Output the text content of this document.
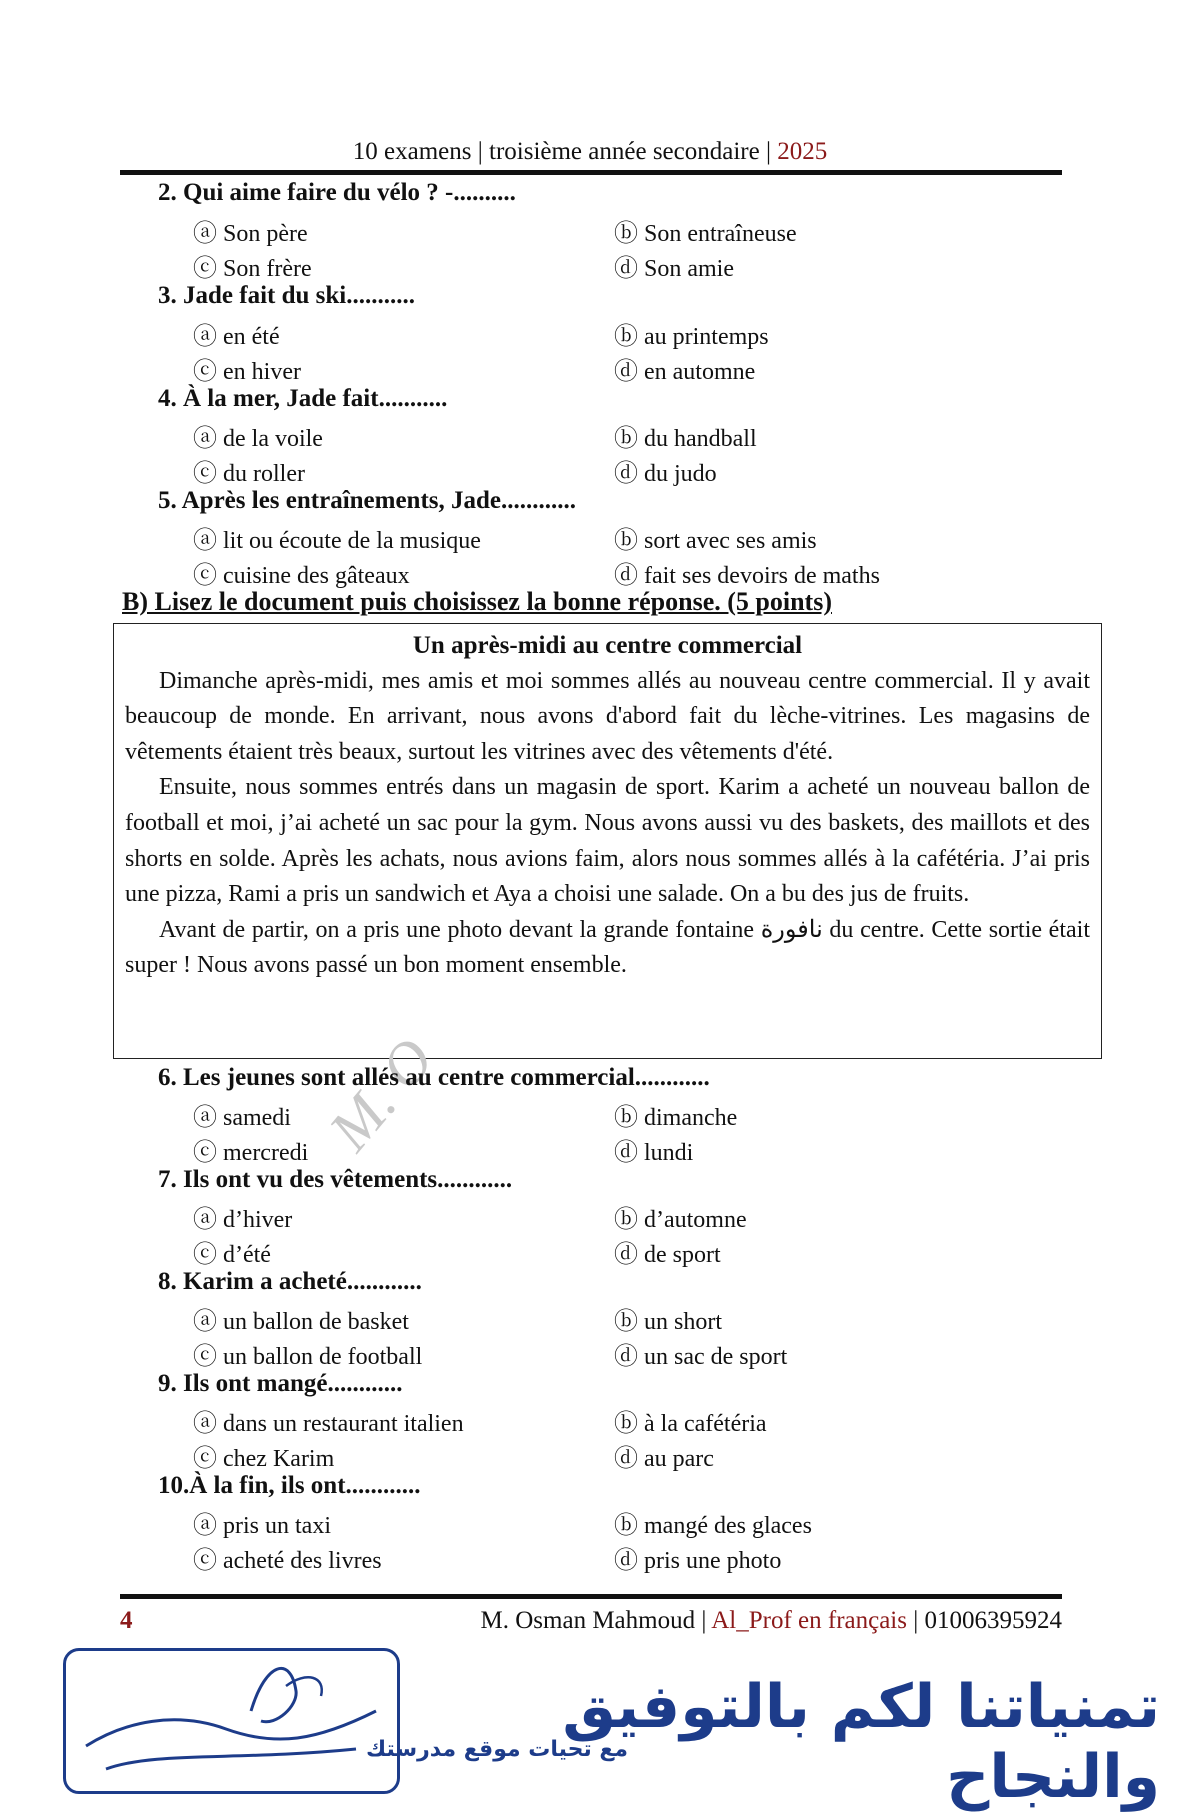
10 examens | troisième année secondaire | 2025
2. Qui aime faire du vélo ? -..........
ⓐ Son père	ⓑ Son entraîneuse
ⓒ Son frère	ⓓ Son amie
3. Jade fait du ski...........
ⓐ en été	ⓑ au printemps
ⓒ en hiver	ⓓ en automne
4. À la mer, Jade fait...........
ⓐ de la voile	ⓑ du handball
ⓒ du roller	ⓓ du judo
5. Après les entraînements, Jade............
ⓐ lit ou écoute de la musique	ⓑ sort avec ses amis
ⓒ cuisine des gâteaux	ⓓ fait ses devoirs de maths
B) Lisez le document puis choisissez la bonne réponse. (5 points)
Un après-midi au centre commercial

Dimanche après-midi, mes amis et moi sommes allés au nouveau centre commercial. Il y avait beaucoup de monde. En arrivant, nous avons d'abord fait du lèche-vitrines. Les magasins de vêtements étaient très beaux, surtout les vitrines avec des vêtements d'été.

Ensuite, nous sommes entrés dans un magasin de sport. Karim a acheté un nouveau ballon de football et moi, j’ai acheté un sac pour la gym. Nous avons aussi vu des baskets, des maillots et des shorts en solde. Après les achats, nous avions faim, alors nous sommes allés à la cafétéria. J’ai pris une pizza, Rami a pris un sandwich et Aya a choisi une salade. On a bu des jus de fruits.

Avant de partir, on a pris une photo devant la grande fontaine نافورة du centre. Cette sortie était super ! Nous avons passé un bon moment ensemble.

M. O
6. Les jeunes sont allés au centre commercial............
ⓐ samedi	ⓑ dimanche
ⓒ mercredi	ⓓ lundi
7. Ils ont vu des vêtements............
ⓐ d’hiver	ⓑ d’automne
ⓒ d’été	ⓓ de sport
8. Karim a acheté............
ⓐ un ballon de basket	ⓑ un short
ⓒ un ballon de football	ⓓ un sac de sport
9. Ils ont mangé............
ⓐ dans un restaurant italien	ⓑ à la cafétéria
ⓒ chez Karim	ⓓ au parc
10.À la fin, ils ont............
ⓐ pris un taxi	ⓑ mangé des glaces
ⓒ acheté des livres	ⓓ pris une photo
4	M. Osman Mahmoud | Al_Prof en français | 01006395924
مع تحيات موقع مدرستك
تمنياتنا لكم بالتوفيق والنجاح
